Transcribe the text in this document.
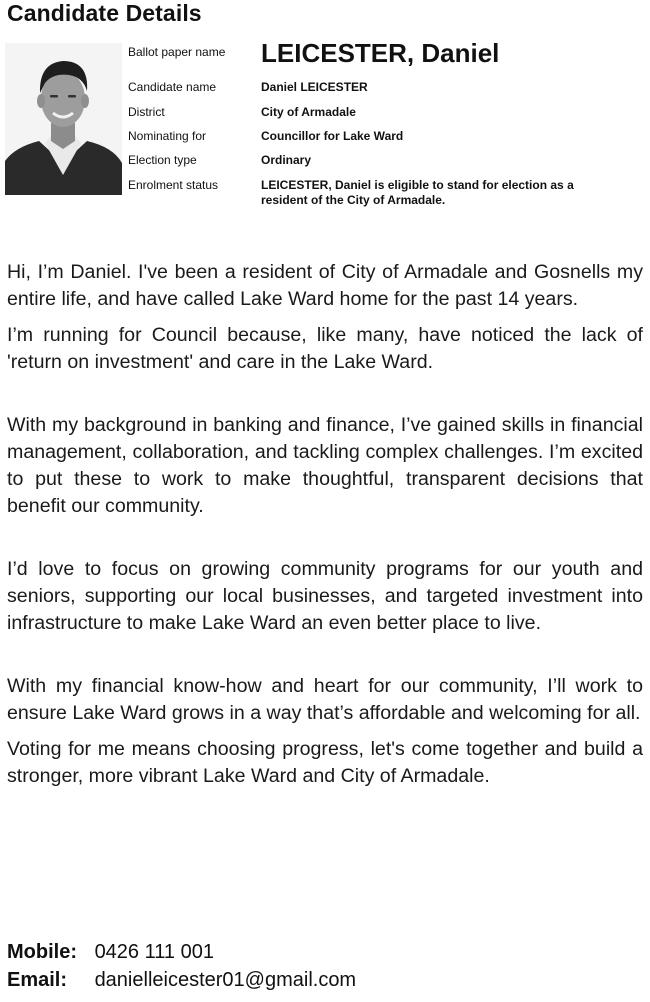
Candidate Details
Ballot paper name	LEICESTER, Daniel
Candidate name	Daniel LEICESTER
District	City of Armadale
Nominating for	Councillor for Lake Ward
Election type	Ordinary
Enrolment status	LEICESTER, Daniel is eligible to stand for election as a
resident of the City of Armadale.

Hi, I’m Daniel. I've been a resident of City of Armadale and Gosnells my entire life, and have called Lake Ward home for the past 14 years.

I’m running for Council because, like many, have noticed the lack of 'return on investment' and care in the Lake Ward.

With my background in banking and finance, I’ve gained skills in financial management, collaboration, and tackling complex challenges. I’m excited to put these to work to make thoughtful, transparent decisions that benefit our community.

I’d love to focus on growing community programs for our youth and seniors, supporting our local businesses, and targeted investment into infrastructure to make Lake Ward an even better place to live.

With my financial know-how and heart for our community, I’ll work to ensure Lake Ward grows in a way that’s affordable and welcoming for all.

Voting for me means choosing progress, let's come together and build a stronger, more vibrant Lake Ward and City of Armadale.

Mobile: 0426 111 001
Email: danielleicester01@gmail.com
